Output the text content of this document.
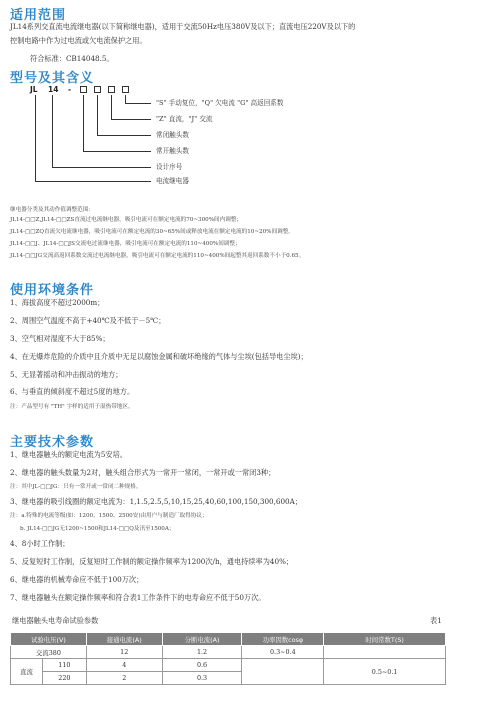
适用范围
JL14系列交直流电流继电器(以下简称继电器)，适用于交流50Hz电压380V及以下；直流电压220V及以下的
控制电路中作为过电流或欠电流保护之用。
符合标准：CB14048.5。
型号及其含义
JL 14 -
"S" 手动复位，"Q" 欠电流 "G" 高返回系数
"Z" 直流，"J" 交流
常闭触头数
常开触头数
设计序号
电流继电器
继电器分类及其动作值调整范围：
JL14-□□Z,JL14-□□ZS直流过电流继电器，吸引电流可在额定电流的70~300%间内调整；
JL14-□□ZQ直流欠电流继电器，吸引电流可在额定电流的30~65%间或释放电流在额定电流的10~20%间调整。
JL14-□□J、JL14-□□JS交流电过流继电器，吸引电流可在额定电流的110~400%间调整；
JL14-□□JG交流高返回系数交流过电流继电器，吸引电流可在额定电流的110~400%间起整其返回系数不小于0.65。
使用环境条件
1、海拔高度不超过2000m；
2、周围空气温度不高于+40℃及不低于－5℃；
3、空气相对湿度不大于85%；
4、在无爆炸危险的介质中且介质中无足以腐蚀金属和破坏绝缘的气体与尘埃(包括导电尘埃)；
5、无显著摇动和冲击振动的地方；
6、与垂直的倾斜度不超过5度的地方。
注：产品型号有 "TH" 字样的适用于湿热带地区。
主要技术参数
1、继电器触头的额定电流为5安培。
2、继电器的触头数量为2对，触头组合形式为一常开一常闭，一常开或一常闭3种；
注：其中JL-□□JG：只有一常开或一常闭二种规格。
3、继电器的吸引线圈的额定电流为：1,1.5,2.5,5,10,15,25,40,60,100,150,300,600A；
注：a.特殊的电流等级(如：1200、1500、2500安)由用户与制造厂取得协议；
b. JL14-□□JG无1200~1500和JL14-□□Q及汛至1500A；
4、8小时工作制；
5、反复短时工作制，反复短时工作制的额定操作频率为1200次/h，通电持续率为40%；
6、继电器的机械寿命应不低于100万次；
7、继电器触头在额定操作频率和符合表1工作条件下的电寿命应不低于50万次。
继电器触头电寿命试验参数	表1
试验电压(V)		接通电流(A)	分断电流(A)	功率因数cosφ	时间常数T(S)
交流380		12	1.2	0.3~0.4	
直流	110	4	0.6		0.5~0.1
	220	2	0.3		
